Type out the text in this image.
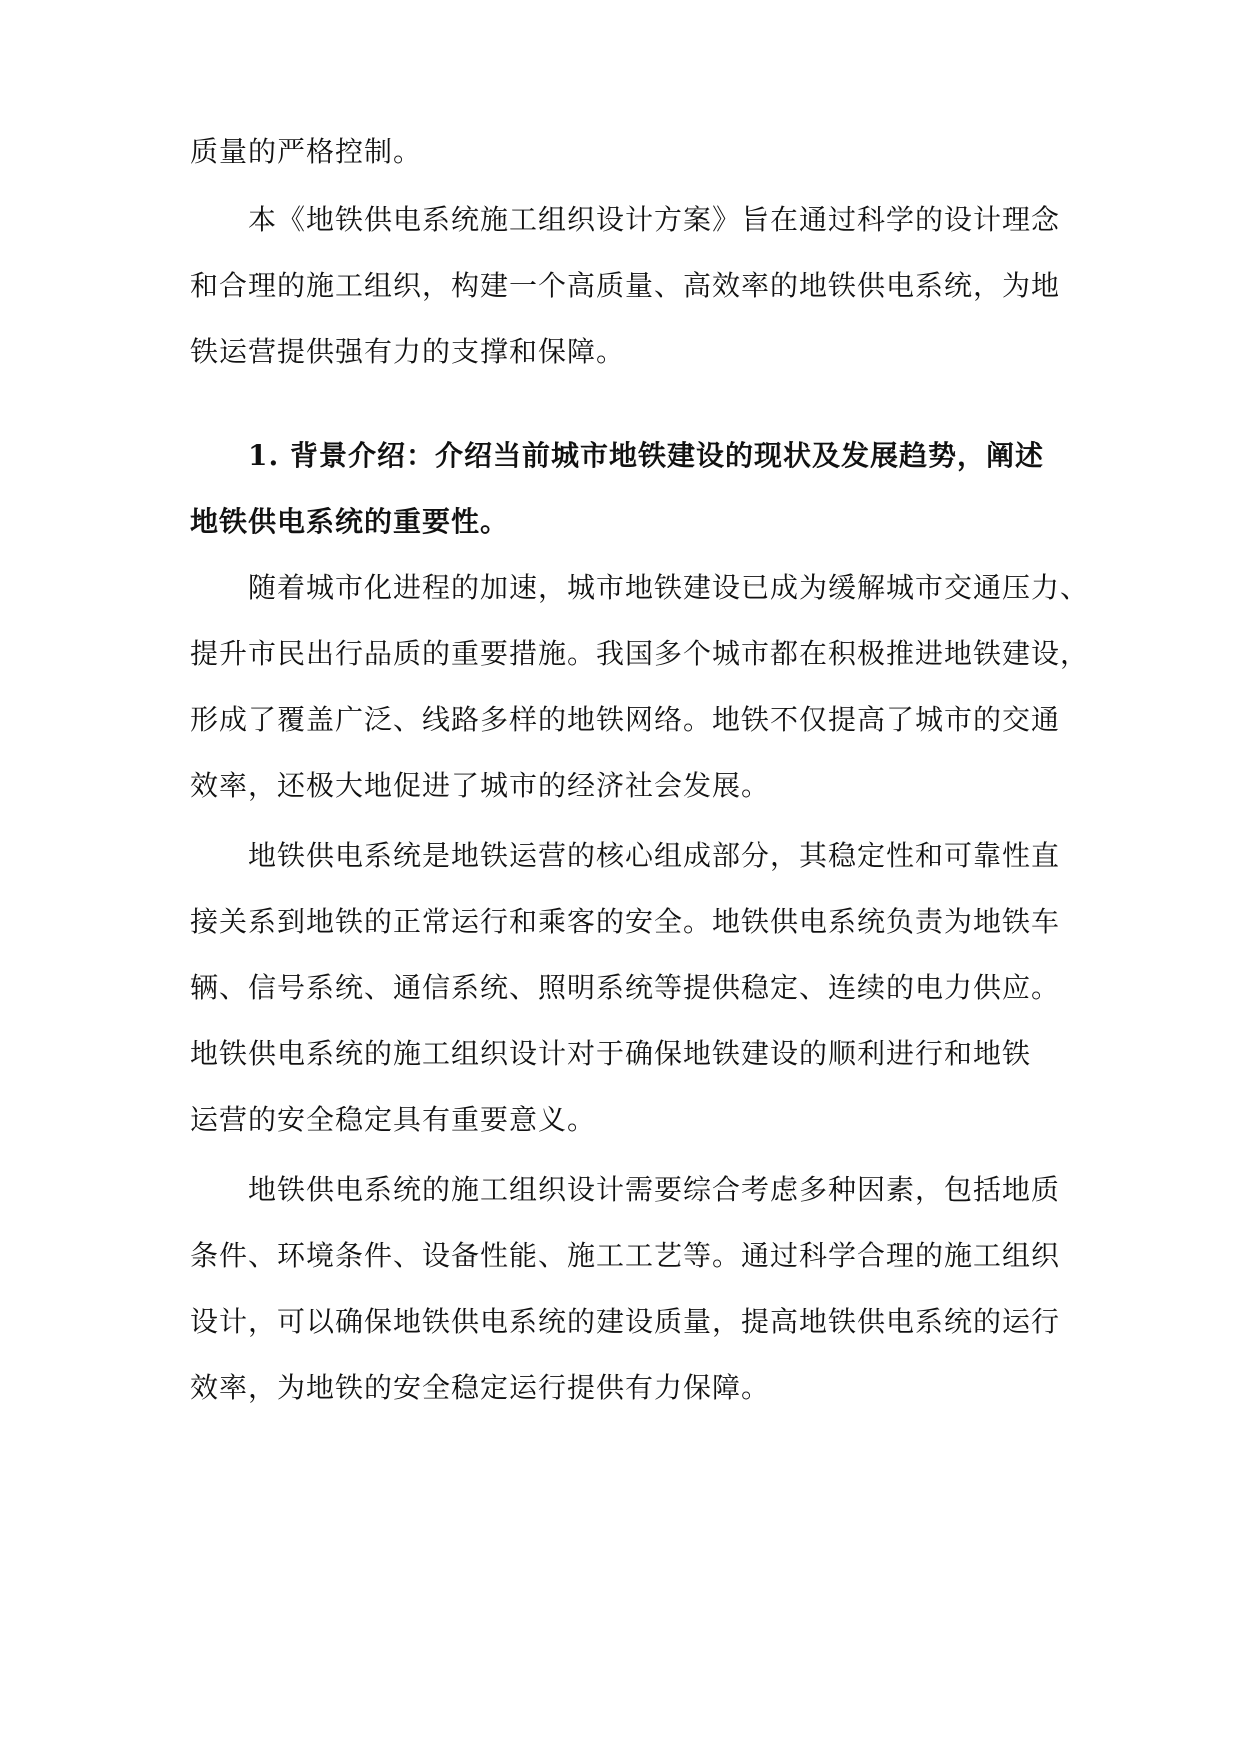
质量的严格控制。
本《地铁供电系统施工组织设计方案》旨在通过科学的设计理念
和合理的施工组织，构建一个高质量、高效率的地铁供电系统，为地
铁运营提供强有力的支撑和保障。
1. 背景介绍：介绍当前城市地铁建设的现状及发展趋势，阐述
地铁供电系统的重要性。
随着城市化进程的加速，城市地铁建设已成为缓解城市交通压力、
提升市民出行品质的重要措施。我国多个城市都在积极推进地铁建设，
形成了覆盖广泛、线路多样的地铁网络。地铁不仅提高了城市的交通
效率，还极大地促进了城市的经济社会发展。
地铁供电系统是地铁运营的核心组成部分，其稳定性和可靠性直
接关系到地铁的正常运行和乘客的安全。地铁供电系统负责为地铁车
辆、信号系统、通信系统、照明系统等提供稳定、连续的电力供应。
地铁供电系统的施工组织设计对于确保地铁建设的顺利进行和地铁
运营的安全稳定具有重要意义。
地铁供电系统的施工组织设计需要综合考虑多种因素，包括地质
条件、环境条件、设备性能、施工工艺等。通过科学合理的施工组织
设计，可以确保地铁供电系统的建设质量，提高地铁供电系统的运行
效率，为地铁的安全稳定运行提供有力保障。
